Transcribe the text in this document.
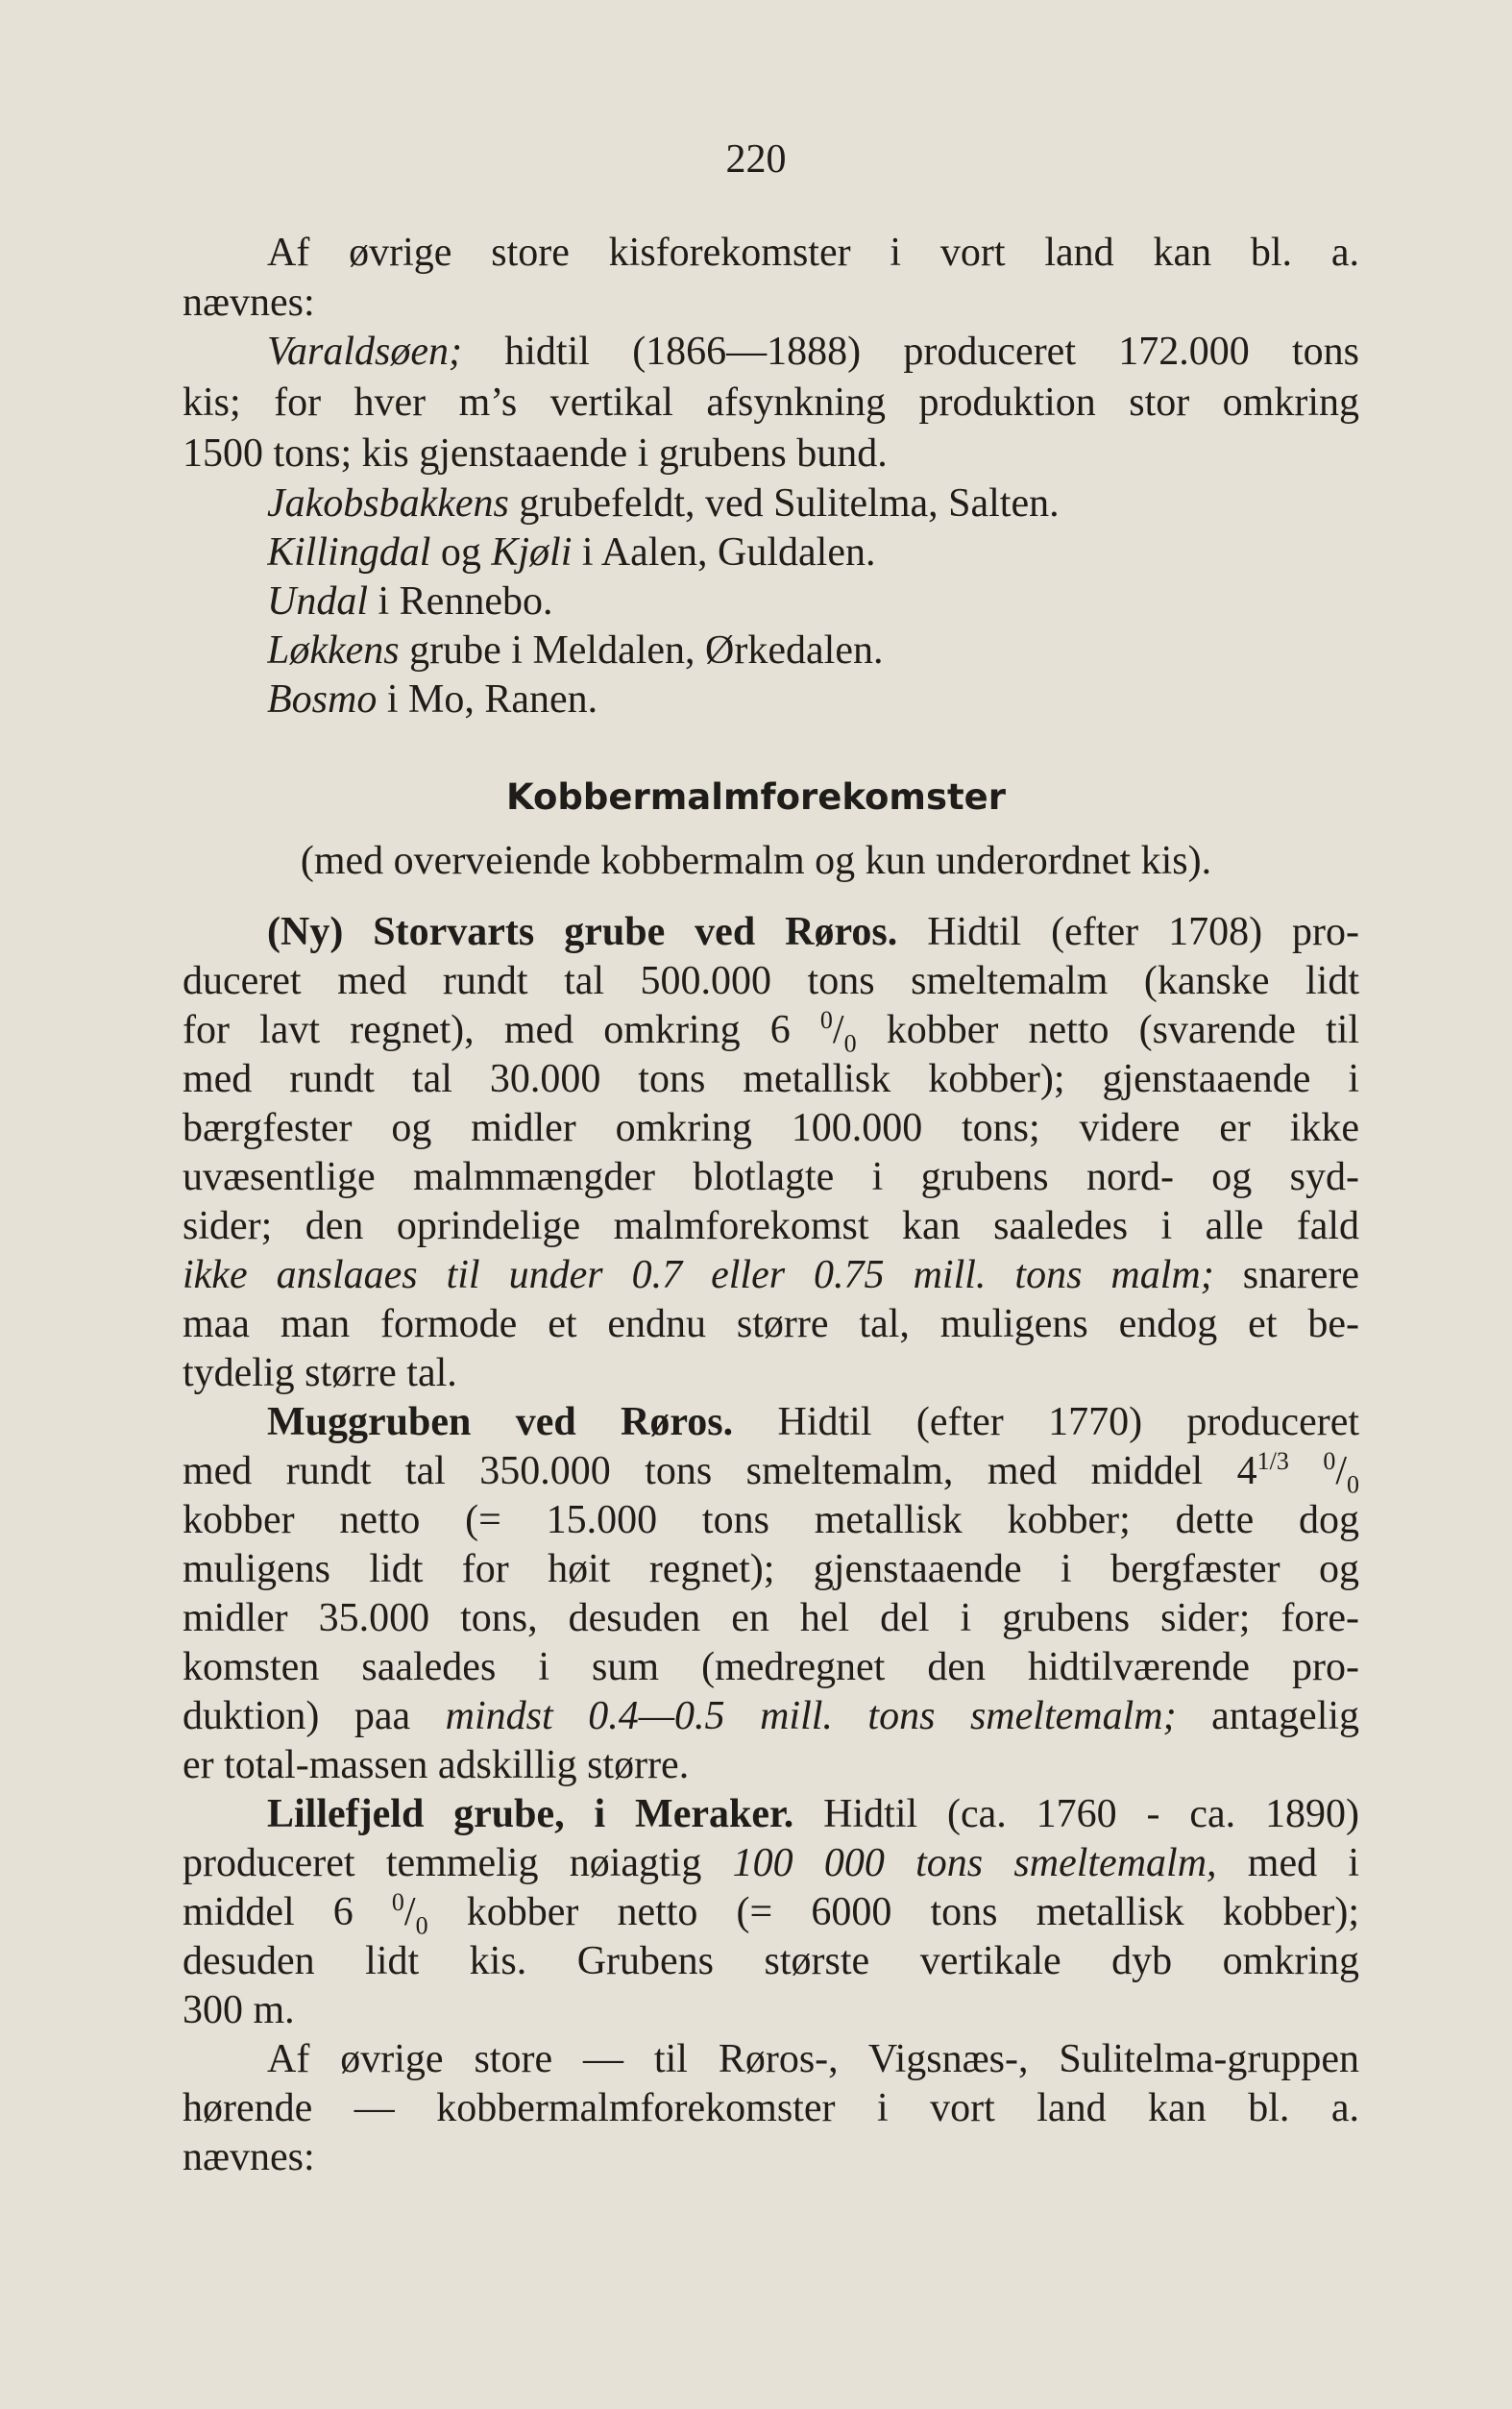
220
Af øvrige store kisforekomster i vort land kan bl. a.
nævnes:
Varaldsøen; hidtil (1866—1888) produceret 172.000 tons
kis; for hver m’s vertikal afsynkning produktion stor omkring
1500 tons; kis gjenstaaende i grubens bund.
Jakobsbakkens grubefeldt, ved Sulitelma, Salten.
Killingdal og Kjøli i Aalen, Guldalen.
Undal i Rennebo.
Løkkens grube i Meldalen, Ørkedalen.
Bosmo i Mo, Ranen.
Kobbermalmforekomster
(med overveiende kobbermalm og kun underordnet kis).
(Ny) Storvarts grube ved Røros. Hidtil (efter 1708) pro-
duceret med rundt tal 500.000 tons smeltemalm (kanske lidt
for lavt regnet), med omkring 6 $^0/_0$ kobber netto (svarende til
med rundt tal 30.000 tons metallisk kobber); gjenstaaende i
bærgfester og midler omkring 100.000 tons; videre er ikke
uvæsentlige malmmængder blotlagte i grubens nord- og syd-
sider; den oprindelige malmforekomst kan saaledes i alle fald
ikke anslaaes til under 0.7 eller 0.75 mill. tons malm; snarere
maa man formode et endnu større tal, muligens endog et be-
tydelig større tal.
Muggruben ved Røros. Hidtil (efter 1770) produceret
med rundt tal 350.000 tons smeltemalm, med middel $4^{1/3}$ $^0/_0$
kobber netto (= 15.000 tons metallisk kobber; dette dog
muligens lidt for høit regnet); gjenstaaende i bergfæster og
midler 35.000 tons, desuden en hel del i grubens sider; fore-
komsten saaledes i sum (medregnet den hidtilværende pro-
duktion) paa mindst 0.4—0.5 mill. tons smeltemalm; antagelig
er total-massen adskillig større.
Lillefjeld grube, i Meraker. Hidtil (ca. 1760 - ca. 1890)
produceret temmelig nøiagtig 100 000 tons smeltemalm, med i
middel 6 $^0/_0$ kobber netto (= 6000 tons metallisk kobber);
desuden lidt kis. Grubens største vertikale dyb omkring
300 m.
Af øvrige store — til Røros-, Vigsnæs-, Sulitelma-gruppen
hørende — kobbermalmforekomster i vort land kan bl. a.
nævnes:
